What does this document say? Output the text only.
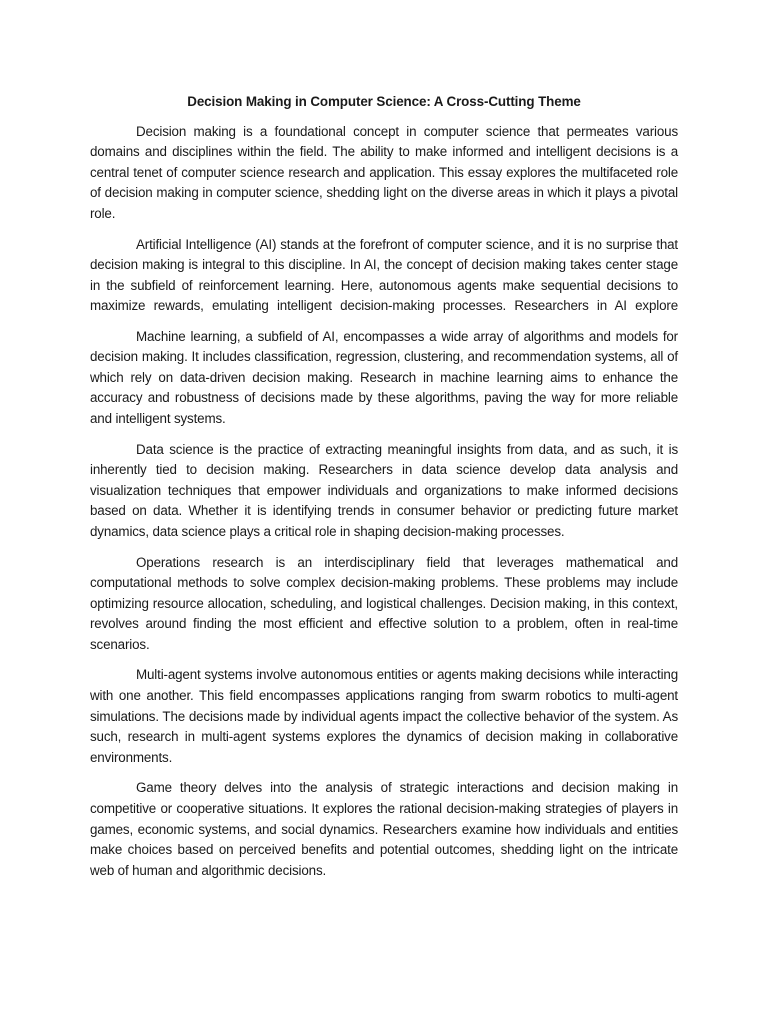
Decision Making in Computer Science: A Cross-Cutting Theme

Decision making is a foundational concept in computer science that permeates various domains and disciplines within the field. The ability to make informed and intelligent decisions is a central tenet of computer science research and application. This essay explores the multifaceted role of decision making in computer science, shedding light on the diverse areas in which it plays a pivotal role.

Artificial Intelligence (AI) stands at the forefront of computer science, and it is no surprise that decision making is integral to this discipline. In AI, the concept of decision making takes center stage in the subfield of reinforcement learning. Here, autonomous agents make sequential decisions to maximize rewards, emulating intelligent decision-making processes. Researchers in AI explore

Machine learning, a subfield of AI, encompasses a wide array of algorithms and models for decision making. It includes classification, regression, clustering, and recommendation systems, all of which rely on data-driven decision making. Research in machine learning aims to enhance the accuracy and robustness of decisions made by these algorithms, paving the way for more reliable and intelligent systems.

Data science is the practice of extracting meaningful insights from data, and as such, it is inherently tied to decision making. Researchers in data science develop data analysis and visualization techniques that empower individuals and organizations to make informed decisions based on data. Whether it is identifying trends in consumer behavior or predicting future market dynamics, data science plays a critical role in shaping decision-making processes.

Operations research is an interdisciplinary field that leverages mathematical and computational methods to solve complex decision-making problems. These problems may include optimizing resource allocation, scheduling, and logistical challenges. Decision making, in this context, revolves around finding the most efficient and effective solution to a problem, often in real-time scenarios.

Multi-agent systems involve autonomous entities or agents making decisions while interacting with one another. This field encompasses applications ranging from swarm robotics to multi-agent simulations. The decisions made by individual agents impact the collective behavior of the system. As such, research in multi-agent systems explores the dynamics of decision making in collaborative environments.

Game theory delves into the analysis of strategic interactions and decision making in competitive or cooperative situations. It explores the rational decision-making strategies of players in games, economic systems, and social dynamics. Researchers examine how individuals and entities make choices based on perceived benefits and potential outcomes, shedding light on the intricate web of human and algorithmic decisions.
